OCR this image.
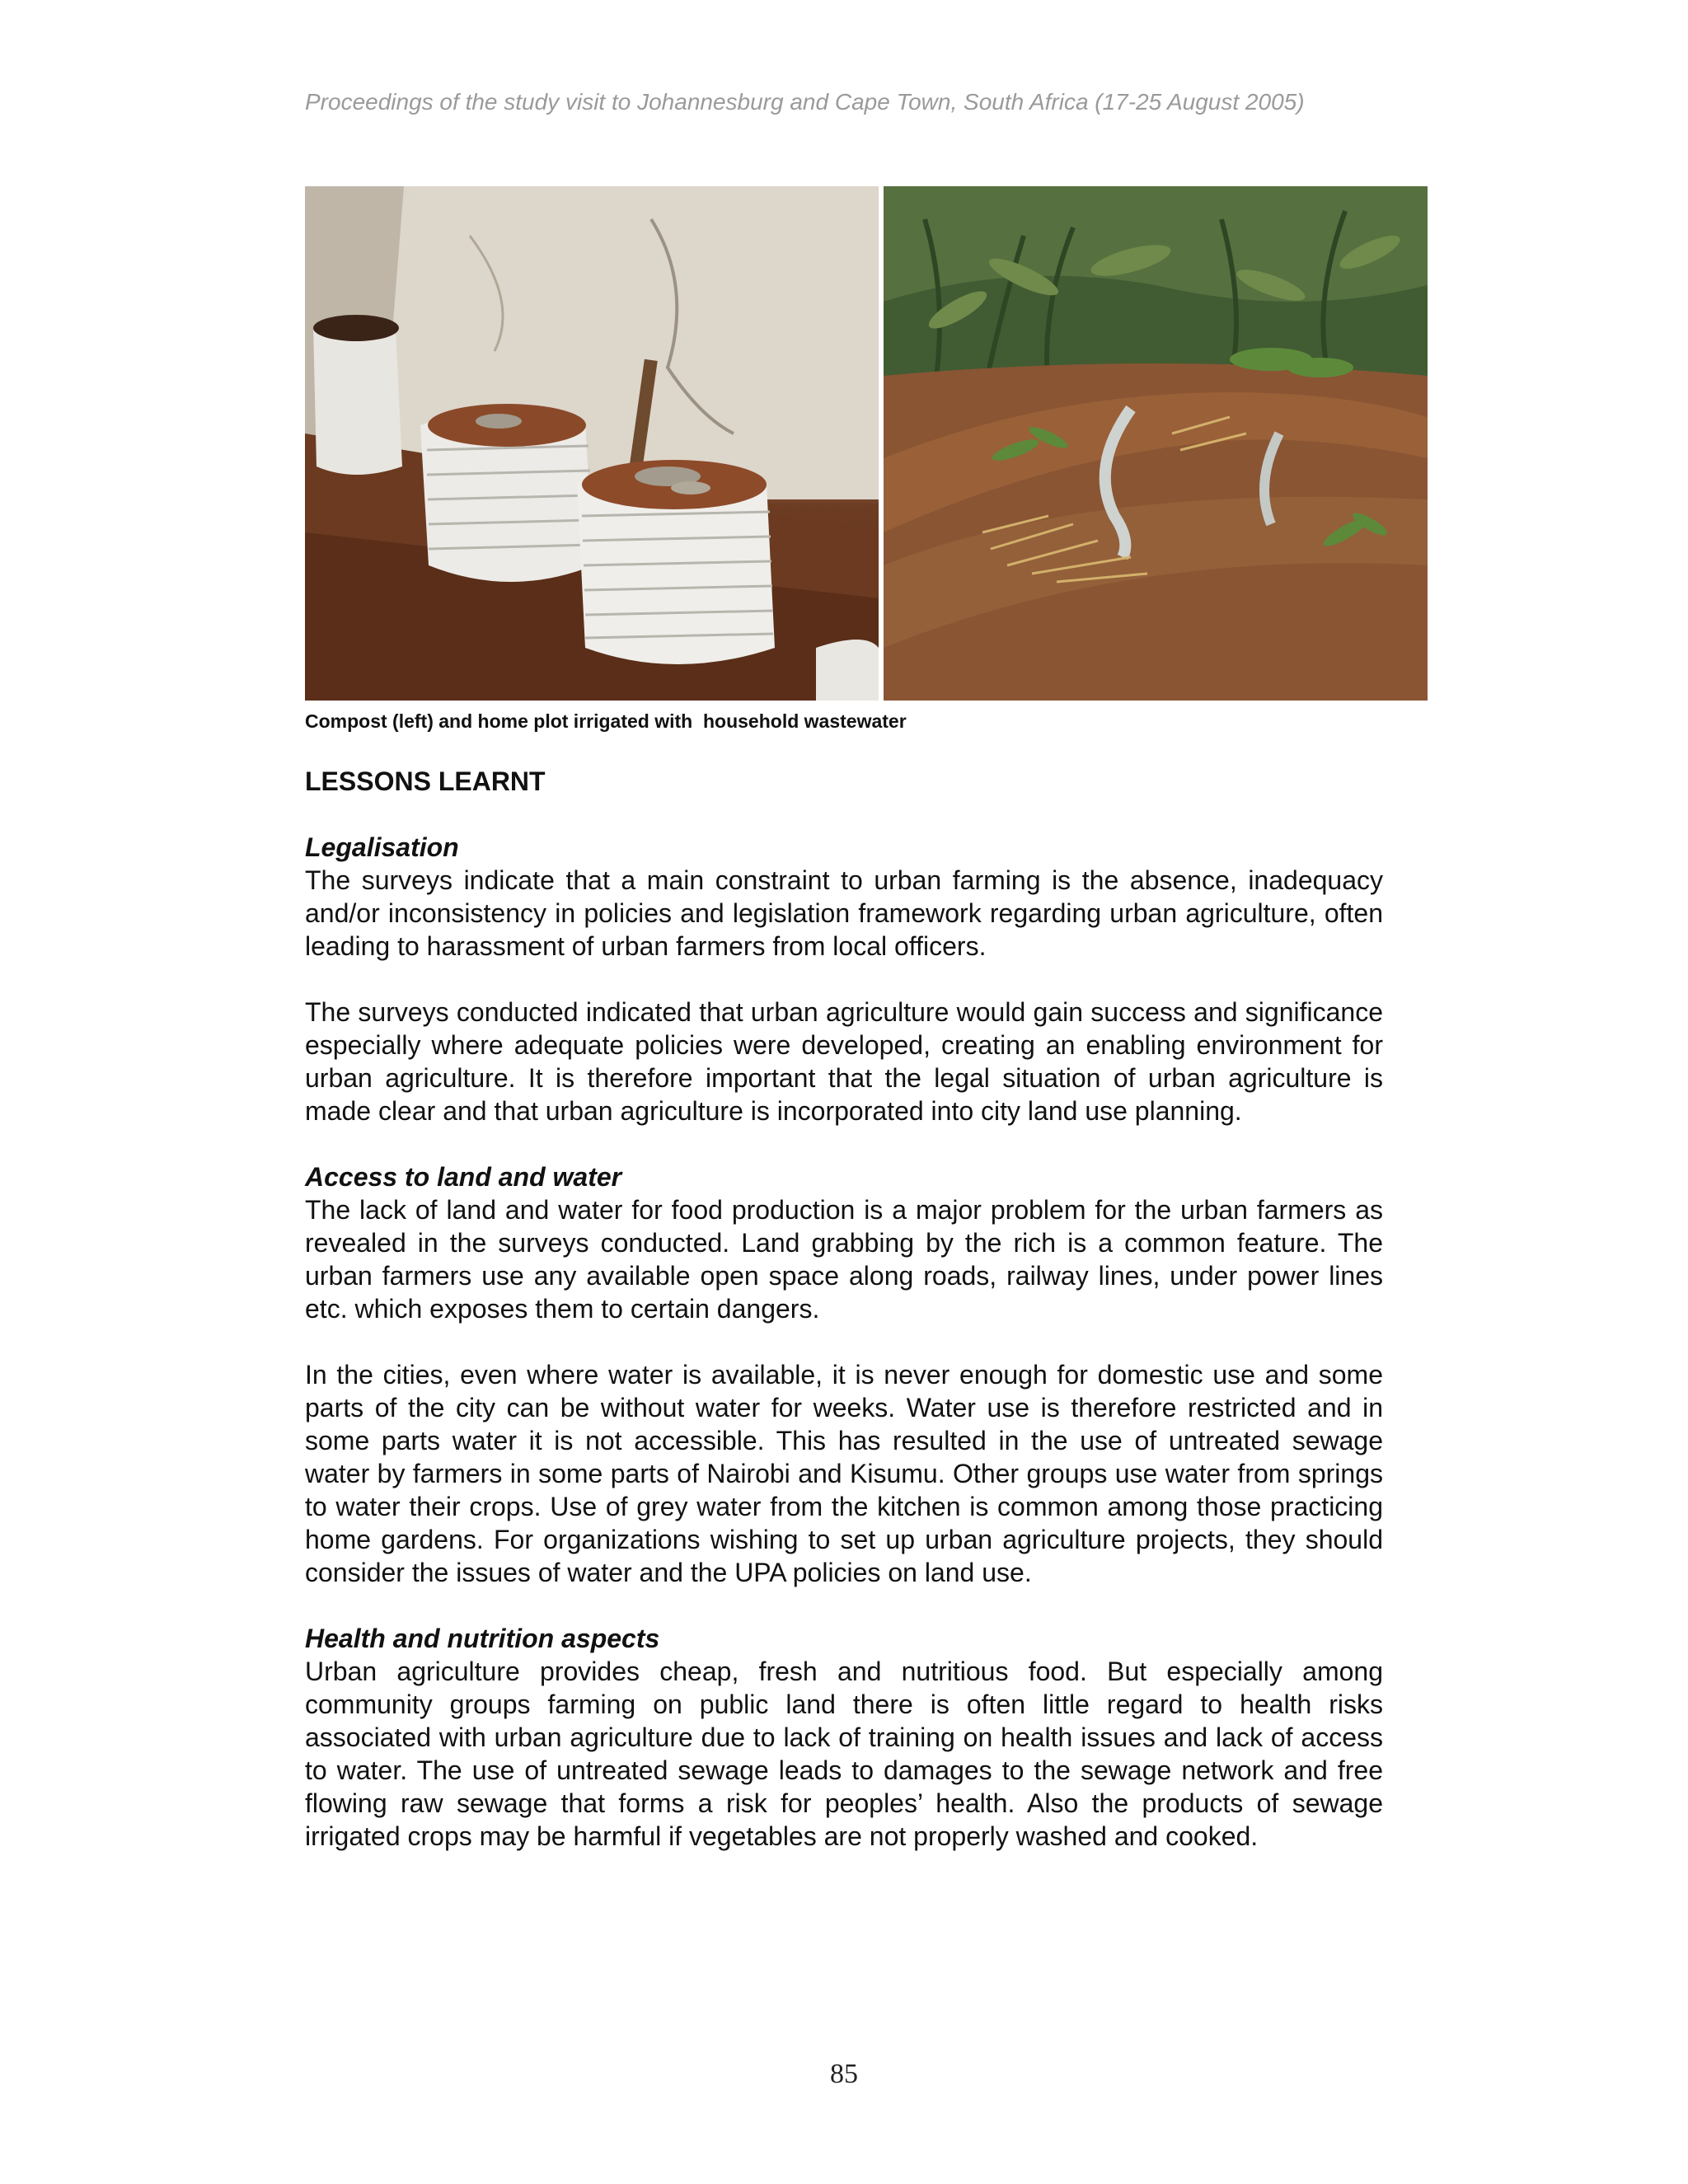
Proceedings of the study visit to Johannesburg and Cape Town, South Africa (17-25 August 2005)
Compost (left) and home plot irrigated with  household wastewater
LESSONS LEARNT

Legalisation

The surveys indicate that a main constraint to urban farming is the absence, inadequacy and/or inconsistency in policies and legislation framework regarding urban agriculture, often leading to harassment of urban farmers from local officers.

The surveys conducted indicated that urban agriculture would gain success and significance especially where adequate policies were developed, creating an enabling environment for urban agriculture. It is therefore important that the legal situation of urban agriculture is made clear and that urban agriculture is incorporated into city land use planning.

Access to land and water

The lack of land and water for food production is a major problem for the urban farmers as revealed in the surveys conducted. Land grabbing by the rich is a common feature. The urban farmers use any available open space along roads, railway lines, under power lines etc. which exposes them to certain dangers.

In the cities, even where water is available, it is never enough for domestic use and some parts of the city can be without water for weeks. Water use is therefore restricted and in some parts water it is not accessible. This has resulted in the use of untreated sewage water by farmers in some parts of Nairobi and Kisumu. Other groups use water from springs to water their crops. Use of grey water from the kitchen is common among those practicing home gardens. For organizations wishing to set up urban agriculture projects, they should consider the issues of water and the UPA policies on land use.

Health and nutrition aspects

Urban agriculture provides cheap, fresh and nutritious food. But especially among community groups farming on public land there is often little regard to health risks associated with urban agriculture due to lack of training on health issues and lack of access to water. The use of untreated sewage leads to damages to the sewage network and free flowing raw sewage that forms a risk for peoples’ health. Also the products of sewage irrigated crops may be harmful if vegetables are not properly washed and cooked.

85
